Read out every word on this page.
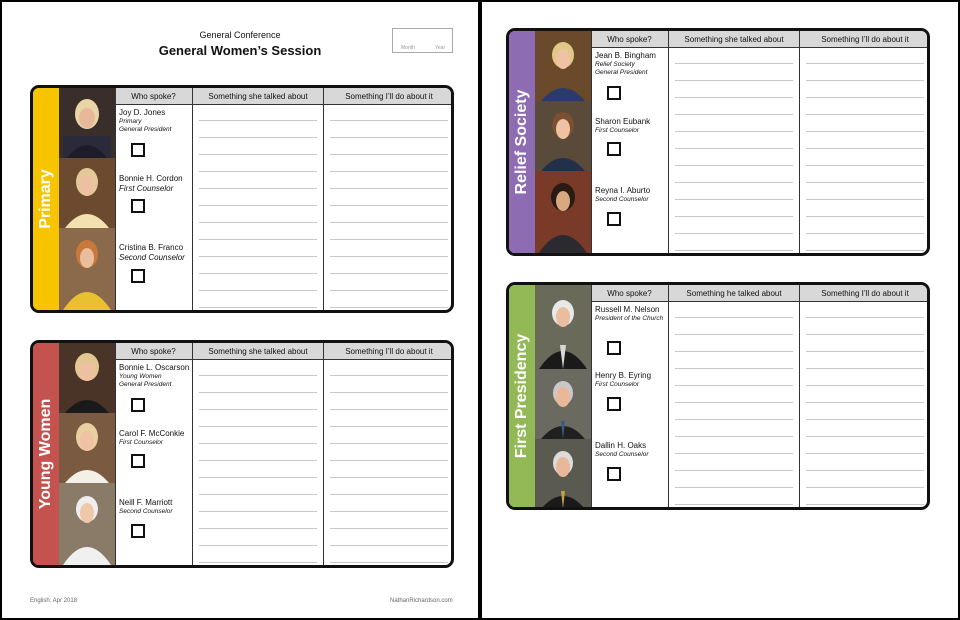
General Conference
General Women’s Session	Month	Year
Primary
Who spoke?	Something she talked about	Something I’ll do about it
Joy D. Jones
Primary
General President
Bonnie H. Cordon
First Counselor
Cristina B. Franco
Second Counselor
Young Women
Who spoke?	Something she talked about	Something I’ll do about it
Bonnie L. Oscarson
Young Women
General President
Carol F. McConkie
First Counselor
Neill F. Marriott
Second Counselor
English: Apr 2018	NathanRichardson.com
Relief Society
Who spoke?	Something she talked about	Something I’ll do about it
Jean B. Bingham
Relief Society
General President
Sharon Eubank
First Counselor
Reyna I. Aburto
Second Counselor
First Presidency
Who spoke?	Something he talked about	Something I’ll do about it
Russell M. Nelson
President of the Church
Henry B. Eyring
First Counselor
Dallin H. Oaks
Second Counselor
